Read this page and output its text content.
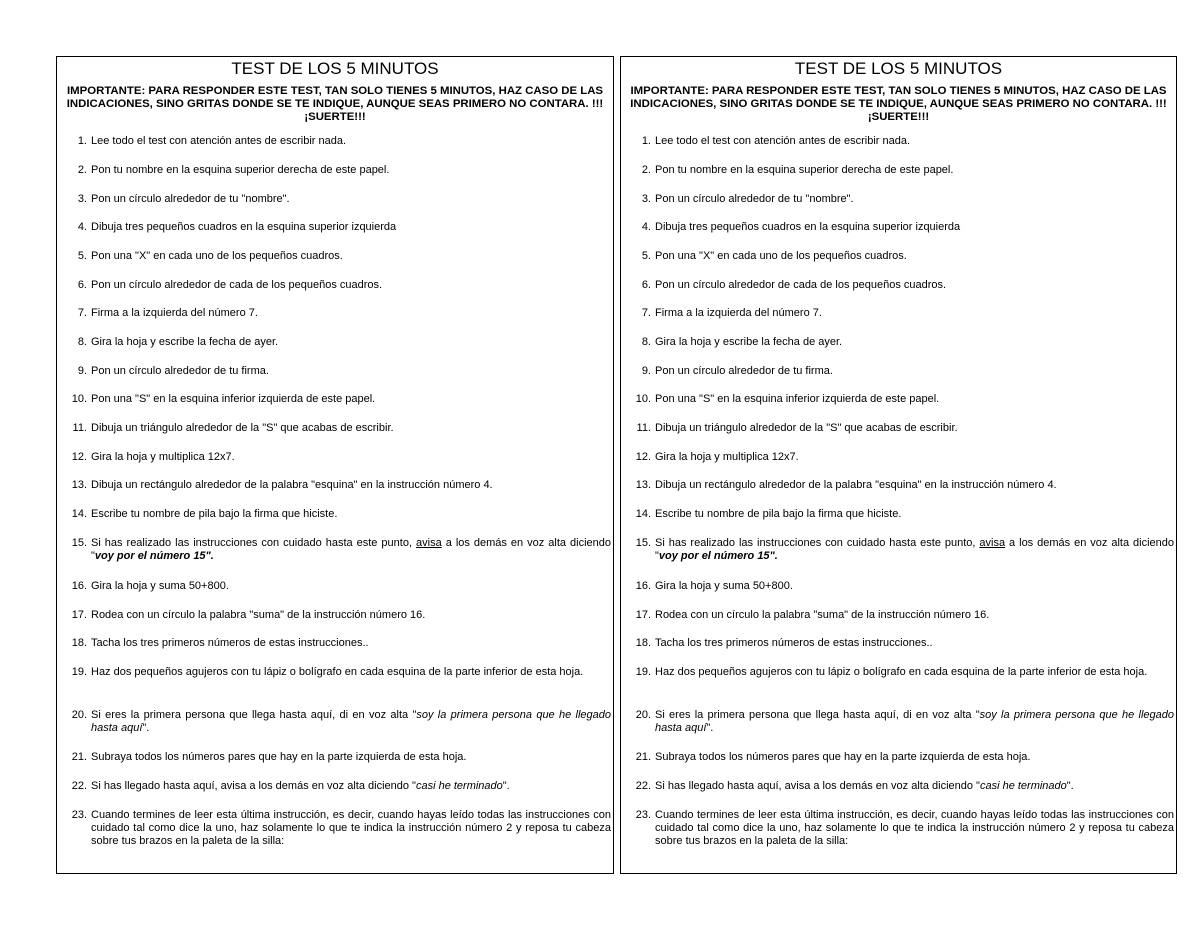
TEST DE LOS 5 MINUTOS
IMPORTANTE: PARA RESPONDER ESTE TEST, TAN SOLO TIENES 5 MINUTOS, HAZ CASO DE LAS INDICACIONES, SINO GRITAS DONDE SE TE INDIQUE, AUNQUE SEAS PRIMERO NO CONTARA. !!!¡SUERTE!!!
1. Lee todo el test con atención antes de escribir nada.
2. Pon tu nombre en la esquina superior derecha de este papel.
3. Pon un círculo alrededor de tu "nombre".
4. Dibuja tres pequeños cuadros en la esquina superior izquierda
5. Pon una "X" en cada uno de los pequeños cuadros.
6. Pon un círculo alrededor de cada de los pequeños cuadros.
7. Firma a la izquierda del número 7.
8. Gira la hoja y escribe la fecha de ayer.
9. Pon un círculo alrededor de tu firma.
10. Pon una "S" en la esquina inferior izquierda de este papel.
11. Dibuja un triángulo alrededor de la "S" que acabas de escribir.
12. Gira la hoja y multiplica 12x7.
13. Dibuja un rectángulo alrededor de la palabra "esquina" en la instrucción número 4.
14. Escribe tu nombre de pila bajo la firma que hiciste.
15. Si has realizado las instrucciones con cuidado hasta este punto, avisa a los demás en voz alta diciendo "voy por el número 15".
16. Gira la hoja y suma 50+800.
17. Rodea con un círculo la palabra "suma" de la instrucción número 16.
18. Tacha los tres primeros números de estas instrucciones..
19. Haz dos pequeños agujeros con tu lápiz o bolígrafo en cada esquina de la parte inferior de esta hoja.
20. Si eres la primera persona que llega hasta aquí, di en voz alta "soy la primera persona que he llegado hasta aquí".
21. Subraya todos los números pares que hay en la parte izquierda de esta hoja.
22. Si has llegado hasta aquí, avisa a los demás en voz alta diciendo "casi he terminado".
23. Cuando termines de leer esta última instrucción, es decir, cuando hayas leído todas las instrucciones con cuidado tal como dice la uno, haz solamente lo que te indica la instrucción número 2 y reposa tu cabeza sobre tus brazos en la paleta de la silla:
TEST DE LOS 5 MINUTOS
IMPORTANTE: PARA RESPONDER ESTE TEST, TAN SOLO TIENES 5 MINUTOS, HAZ CASO DE LAS INDICACIONES, SINO GRITAS DONDE SE TE INDIQUE, AUNQUE SEAS PRIMERO NO CONTARA. !!!¡SUERTE!!!
1. Lee todo el test con atención antes de escribir nada.
2. Pon tu nombre en la esquina superior derecha de este papel.
3. Pon un círculo alrededor de tu "nombre".
4. Dibuja tres pequeños cuadros en la esquina superior izquierda
5. Pon una "X" en cada uno de los pequeños cuadros.
6. Pon un círculo alrededor de cada de los pequeños cuadros.
7. Firma a la izquierda del número 7.
8. Gira la hoja y escribe la fecha de ayer.
9. Pon un círculo alrededor de tu firma.
10. Pon una "S" en la esquina inferior izquierda de este papel.
11. Dibuja un triángulo alrededor de la "S" que acabas de escribir.
12. Gira la hoja y multiplica 12x7.
13. Dibuja un rectángulo alrededor de la palabra "esquina" en la instrucción número 4.
14. Escribe tu nombre de pila bajo la firma que hiciste.
15. Si has realizado las instrucciones con cuidado hasta este punto, avisa a los demás en voz alta diciendo "voy por el número 15".
16. Gira la hoja y suma 50+800.
17. Rodea con un círculo la palabra "suma" de la instrucción número 16.
18. Tacha los tres primeros números de estas instrucciones..
19. Haz dos pequeños agujeros con tu lápiz o bolígrafo en cada esquina de la parte inferior de esta hoja.
20. Si eres la primera persona que llega hasta aquí, di en voz alta "soy la primera persona que he llegado hasta aquí".
21. Subraya todos los números pares que hay en la parte izquierda de esta hoja.
22. Si has llegado hasta aquí, avisa a los demás en voz alta diciendo "casi he terminado".
23. Cuando termines de leer esta última instrucción, es decir, cuando hayas leído todas las instrucciones con cuidado tal como dice la uno, haz solamente lo que te indica la instrucción número 2 y reposa tu cabeza sobre tus brazos en la paleta de la silla:
